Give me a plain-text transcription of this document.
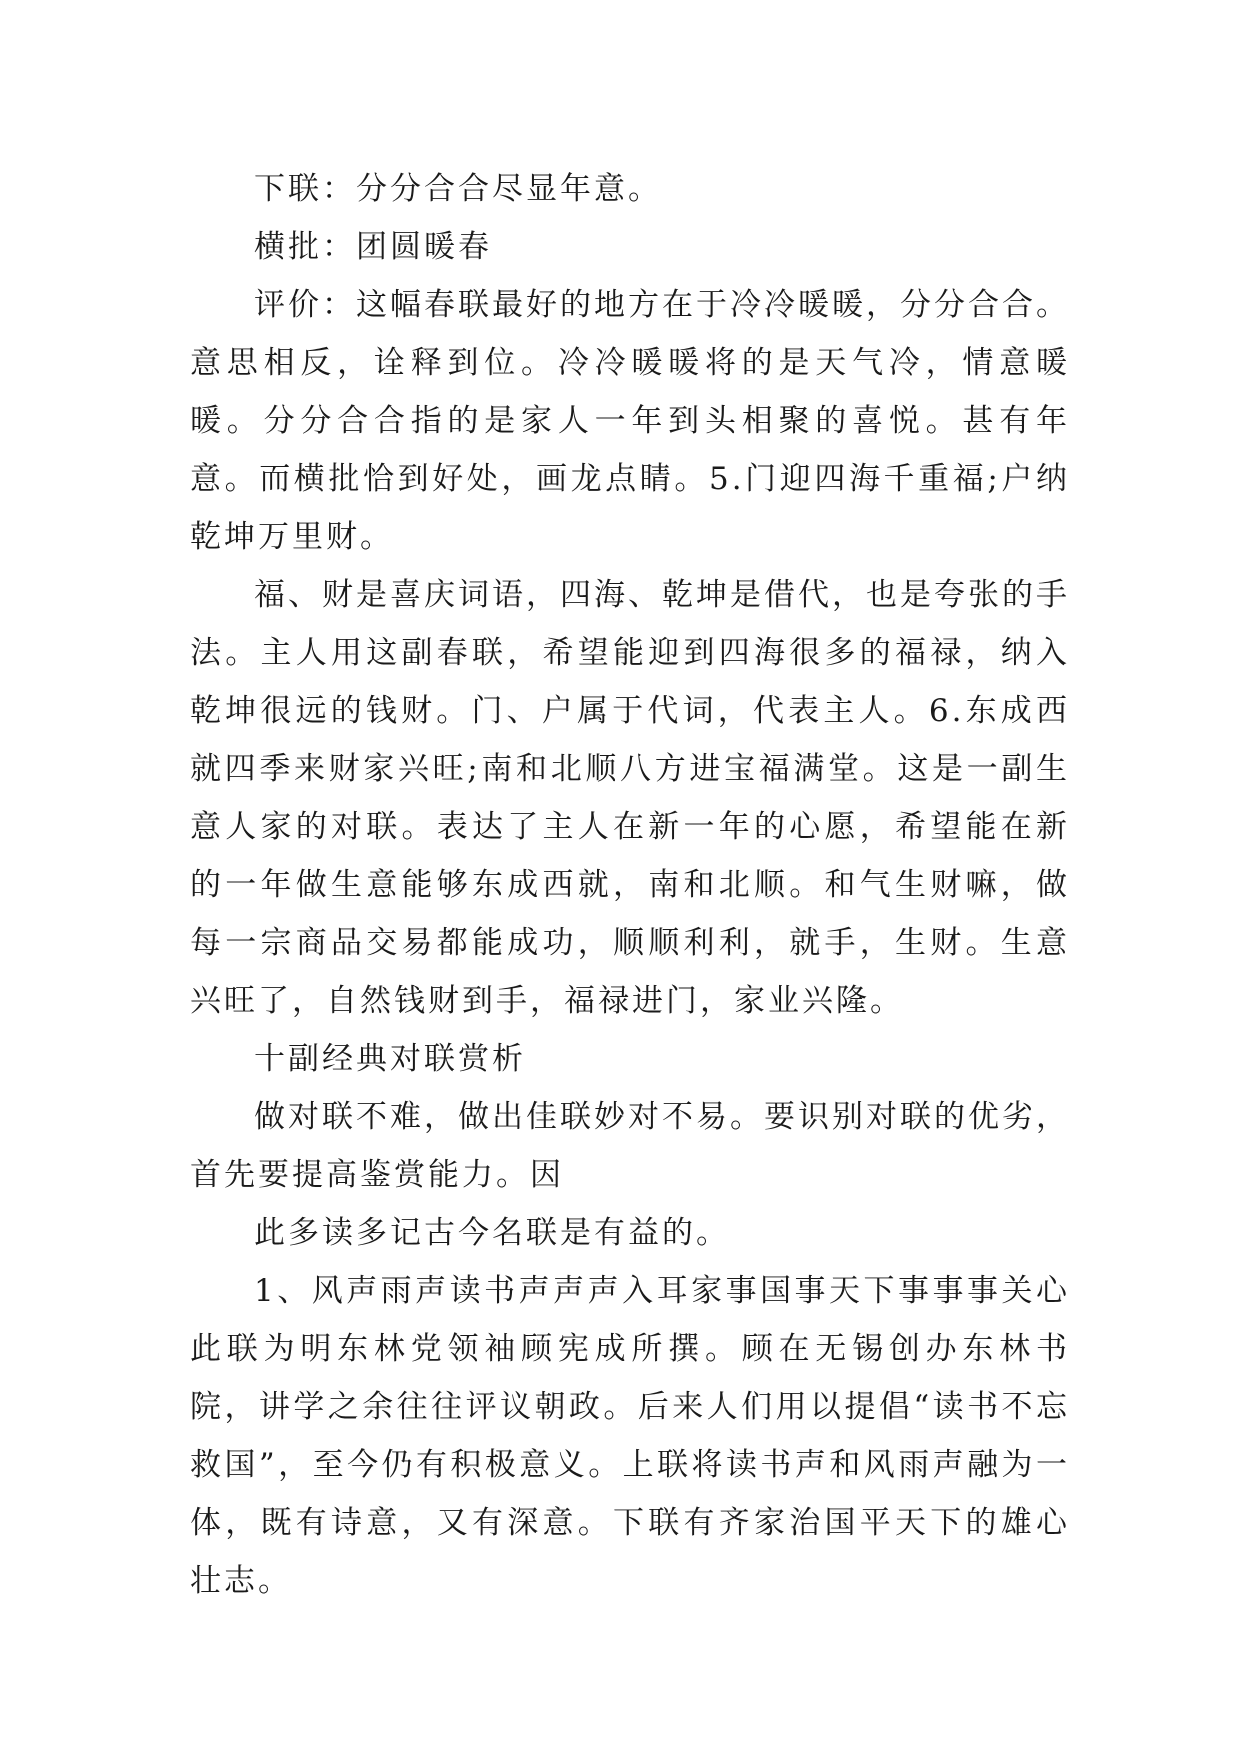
下联：分分合合尽显年意。

横批：团圆暖春

评价：这幅春联最好的地方在于冷冷暖暖，分分合合。意思相反，诠释到位。冷冷暖暖将的是天气冷，情意暖暖。分分合合指的是家人一年到头相聚的喜悦。甚有年意。而横批恰到好处，画龙点睛。5.门迎四海千重福;户纳乾坤万里财。

福、财是喜庆词语，四海、乾坤是借代，也是夸张的手法。主人用这副春联，希望能迎到四海很多的福禄，纳入乾坤很远的钱财。门、户属于代词，代表主人。6.东成西就四季来财家兴旺;南和北顺八方进宝福满堂。这是一副生意人家的对联。表达了主人在新一年的心愿，希望能在新的一年做生意能够东成西就，南和北顺。和气生财嘛，做每一宗商品交易都能成功，顺顺利利，就手，生财。生意兴旺了，自然钱财到手，福禄进门，家业兴隆。

十副经典对联赏析

做对联不难，做出佳联妙对不易。要识别对联的优劣，首先要提高鉴赏能力。因

此多读多记古今名联是有益的。

1、风声雨声读书声声声入耳家事国事天下事事事关心此联为明东林党领袖顾宪成所撰。顾在无锡创办东林书院，讲学之余往往评议朝政。后来人们用以提倡“读书不忘救国”，至今仍有积极意义。上联将读书声和风雨声融为一体，既有诗意，又有深意。下联有齐家治国平天下的雄心壮志。
